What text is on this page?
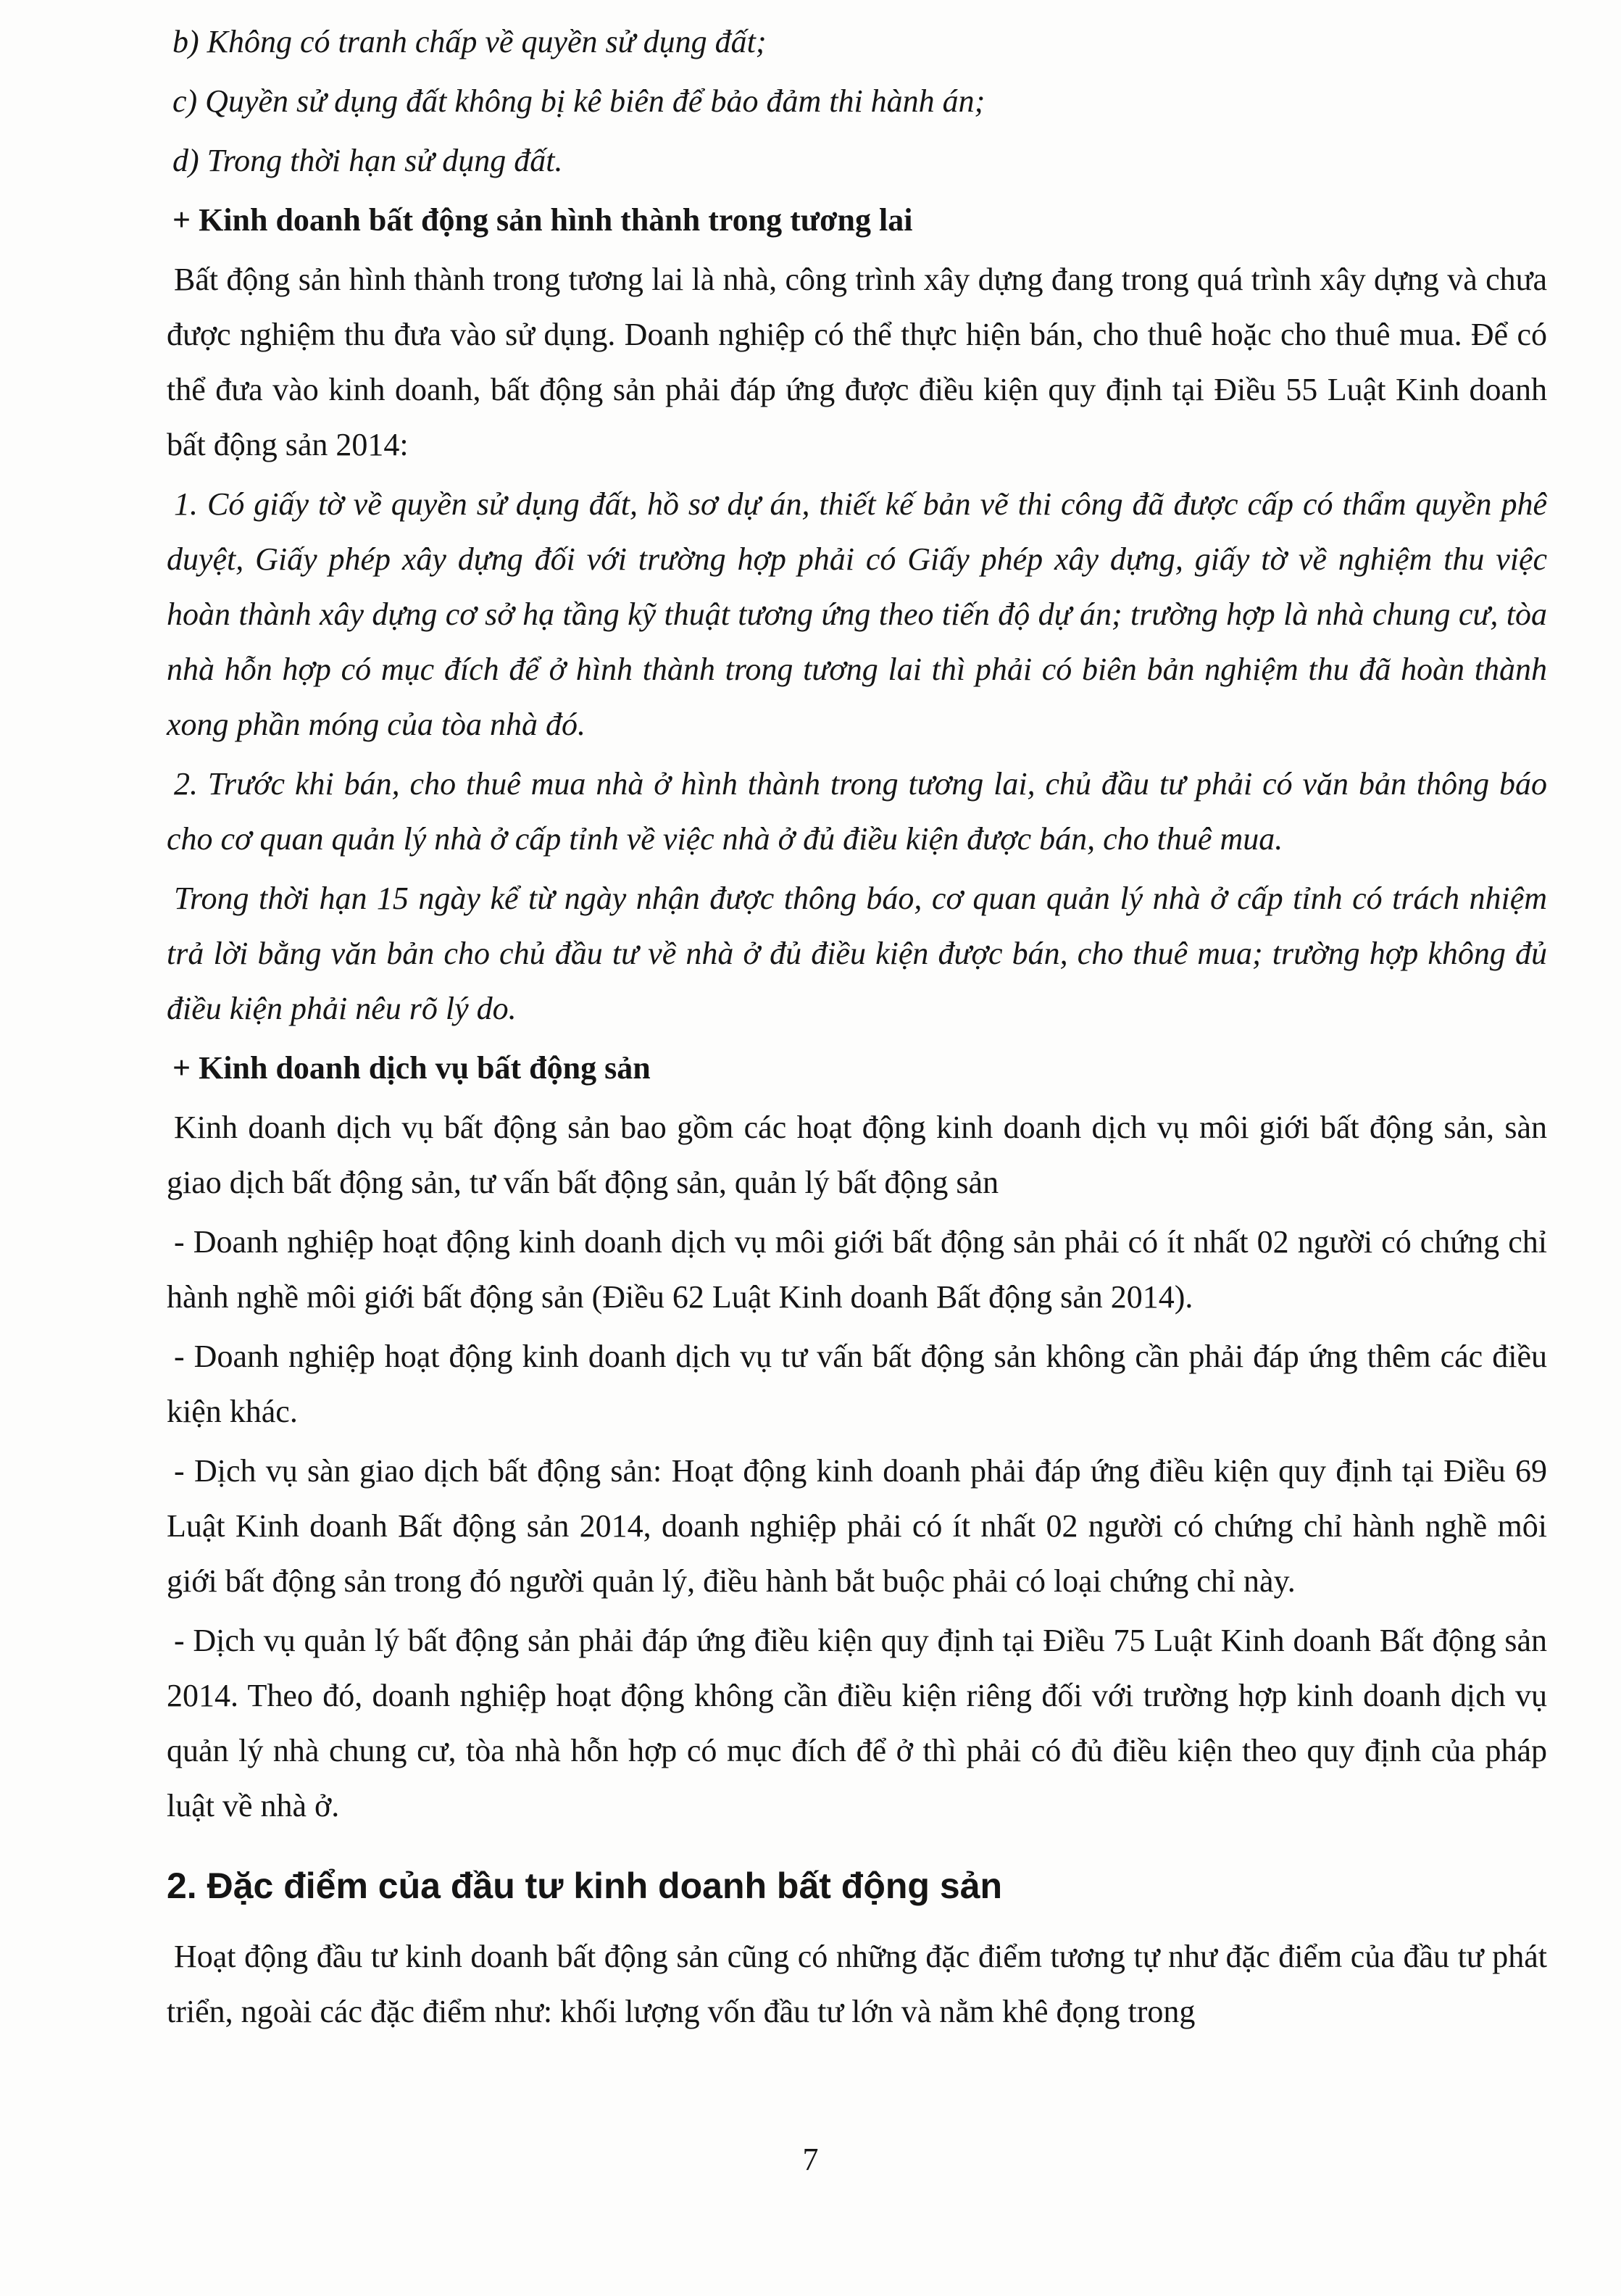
b) Không có tranh chấp về quyền sử dụng đất;

c) Quyền sử dụng đất không bị kê biên để bảo đảm thi hành án;

d) Trong thời hạn sử dụng đất.

+ Kinh doanh bất động sản hình thành trong tương lai

Bất động sản hình thành trong tương lai là nhà, công trình xây dựng đang trong quá trình xây dựng và chưa được nghiệm thu đưa vào sử dụng. Doanh nghiệp có thể thực hiện bán, cho thuê hoặc cho thuê mua. Để có thể đưa vào kinh doanh, bất động sản phải đáp ứng được điều kiện quy định tại Điều 55 Luật Kinh doanh bất động sản 2014:

1. Có giấy tờ về quyền sử dụng đất, hồ sơ dự án, thiết kế bản vẽ thi công đã được cấp có thẩm quyền phê duyệt, Giấy phép xây dựng đối với trường hợp phải có Giấy phép xây dựng, giấy tờ về nghiệm thu việc hoàn thành xây dựng cơ sở hạ tầng kỹ thuật tương ứng theo tiến độ dự án; trường hợp là nhà chung cư, tòa nhà hỗn hợp có mục đích để ở hình thành trong tương lai thì phải có biên bản nghiệm thu đã hoàn thành xong phần móng của tòa nhà đó.

2. Trước khi bán, cho thuê mua nhà ở hình thành trong tương lai, chủ đầu tư phải có văn bản thông báo cho cơ quan quản lý nhà ở cấp tỉnh về việc nhà ở đủ điều kiện được bán, cho thuê mua.

Trong thời hạn 15 ngày kể từ ngày nhận được thông báo, cơ quan quản lý nhà ở cấp tỉnh có trách nhiệm trả lời bằng văn bản cho chủ đầu tư về nhà ở đủ điều kiện được bán, cho thuê mua; trường hợp không đủ điều kiện phải nêu rõ lý do.

+ Kinh doanh dịch vụ bất động sản

Kinh doanh dịch vụ bất động sản bao gồm các hoạt động kinh doanh dịch vụ môi giới bất động sản, sàn giao dịch bất động sản, tư vấn bất động sản, quản lý bất động sản

- Doanh nghiệp hoạt động kinh doanh dịch vụ môi giới bất động sản phải có ít nhất 02 người có chứng chỉ hành nghề môi giới bất động sản (Điều 62 Luật Kinh doanh Bất động sản 2014).

- Doanh nghiệp hoạt động kinh doanh dịch vụ tư vấn bất động sản không cần phải đáp ứng thêm các điều kiện khác.

- Dịch vụ sàn giao dịch bất động sản: Hoạt động kinh doanh phải đáp ứng điều kiện quy định tại Điều 69 Luật Kinh doanh Bất động sản 2014, doanh nghiệp phải có ít nhất 02 người có chứng chỉ hành nghề môi giới bất động sản trong đó người quản lý, điều hành bắt buộc phải có loại chứng chỉ này.

- Dịch vụ quản lý bất động sản phải đáp ứng điều kiện quy định tại Điều 75 Luật Kinh doanh Bất động sản 2014. Theo đó, doanh nghiệp hoạt động không cần điều kiện riêng đối với trường hợp kinh doanh dịch vụ quản lý nhà chung cư, tòa nhà hỗn hợp có mục đích để ở thì phải có đủ điều kiện theo quy định của pháp luật về nhà ở.

2. Đặc điểm của đầu tư kinh doanh bất động sản

Hoạt động đầu tư kinh doanh bất động sản cũng có những đặc điểm tương tự như đặc điểm của đầu tư phát triển, ngoài các đặc điểm như: khối lượng vốn đầu tư lớn và nằm khê đọng trong

7
